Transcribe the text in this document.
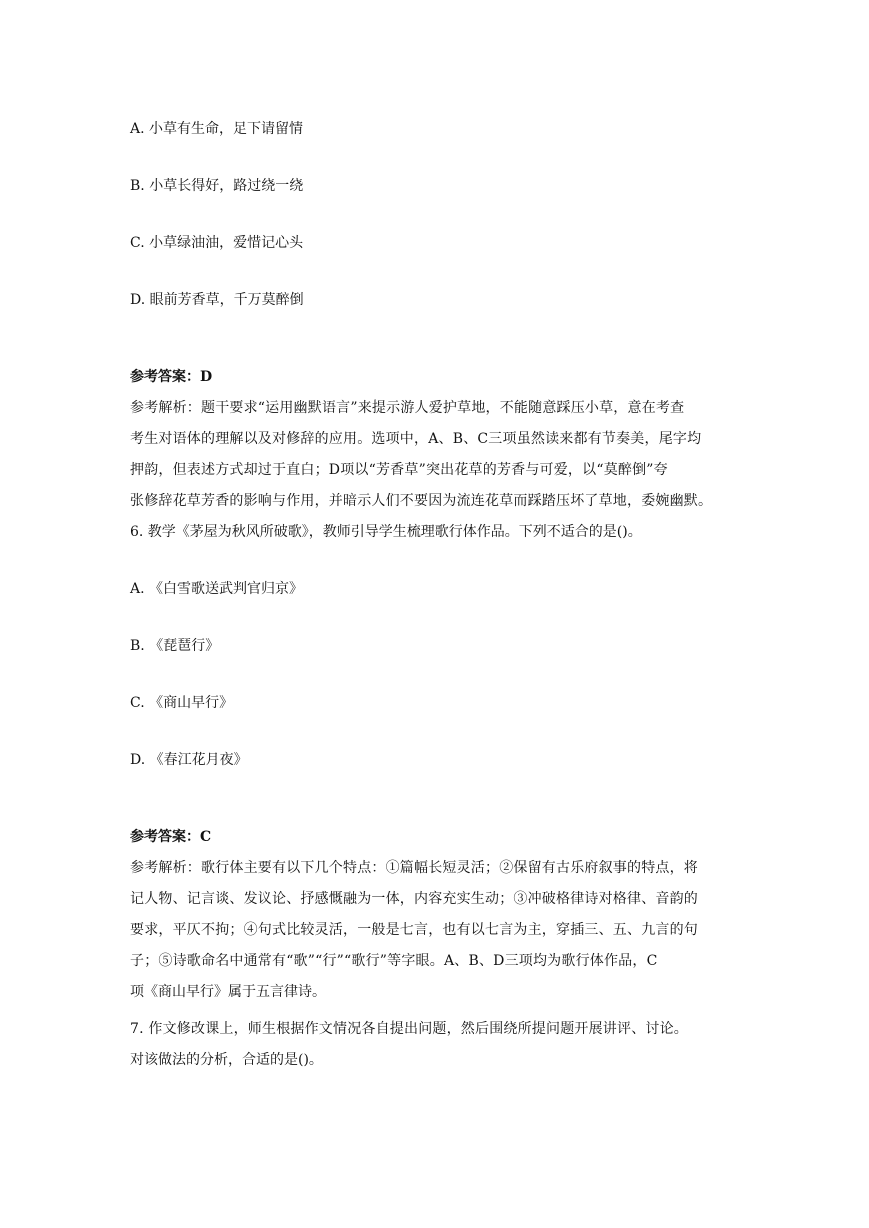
A. 小草有生命，足下请留情

B. 小草长得好，路过绕一绕

C. 小草绿油油，爱惜记心头

D. 眼前芳香草，千万莫醉倒

参考答案：D

参考解析：题干要求“运用幽默语言”来提示游人爱护草地，不能随意踩压小草，意在考查

考生对语体的理解以及对修辞的应用。选项中，A、B、C三项虽然读来都有节奏美，尾字均

押韵，但表述方式却过于直白；D项以“芳香草”突出花草的芳香与可爱，以“莫醉倒”夸

张修辞花草芳香的影响与作用，并暗示人们不要因为流连花草而踩踏压坏了草地，委婉幽默。

6. 教学《茅屋为秋风所破歌》，教师引导学生梳理歌行体作品。下列不适合的是()。

A. 《白雪歌送武判官归京》

B. 《琵琶行》

C. 《商山早行》

D. 《春江花月夜》

参考答案：C

参考解析：歌行体主要有以下几个特点：①篇幅长短灵活；②保留有古乐府叙事的特点，将

记人物、记言谈、发议论、抒感慨融为一体，内容充实生动；③冲破格律诗对格律、音韵的

要求，平仄不拘；④句式比较灵活，一般是七言，也有以七言为主，穿插三、五、九言的句

子；⑤诗歌命名中通常有“歌”“行”“歌行”等字眼。A、B、D三项均为歌行体作品，C

项《商山早行》属于五言律诗。

7. 作文修改课上，师生根据作文情况各自提出问题，然后围绕所提问题开展讲评、讨论。

对该做法的分析，合适的是()。
